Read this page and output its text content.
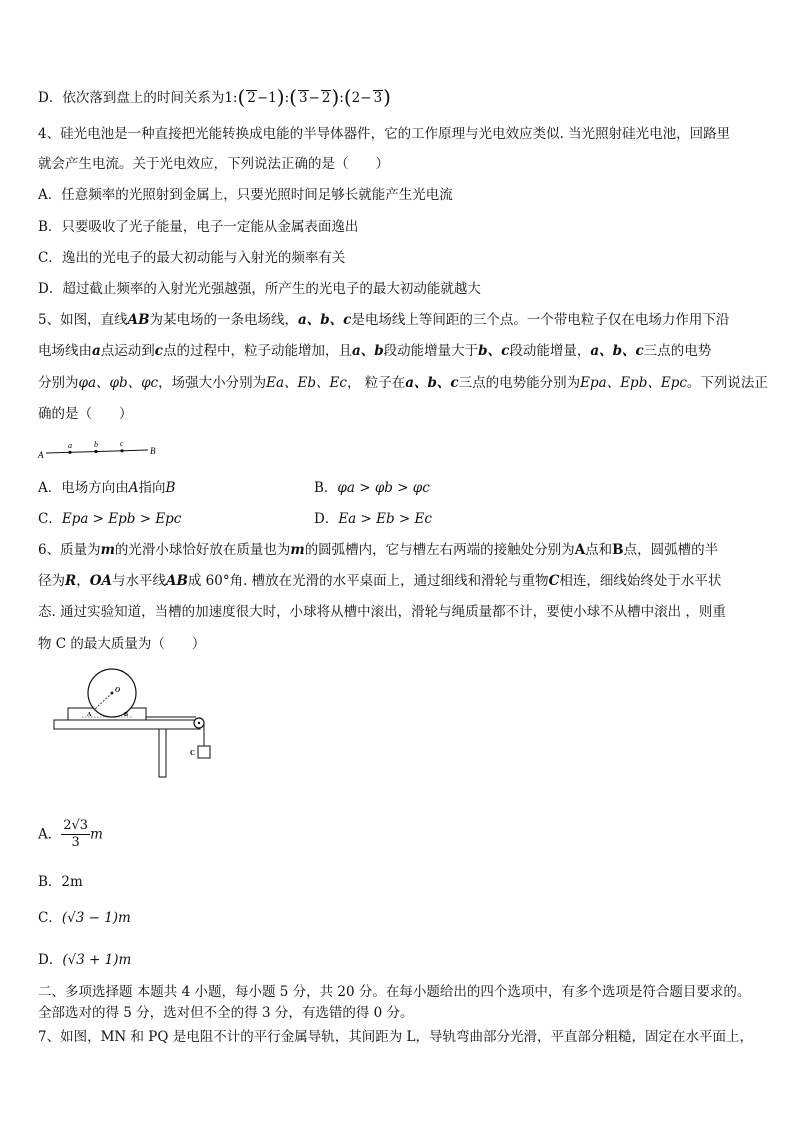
D．依次落到盘上的时间关系为1:( 2−1):( 3− 2):(2− 3)
4、硅光电池是一种直接把光能转换成电能的半导体器件，它的工作原理与光电效应类似. 当光照射硅光电池，回路里
就会产生电流。关于光电效应，下列说法正确的是（　　）
A．任意频率的光照射到金属上，只要光照时间足够长就能产生光电流
B．只要吸收了光子能量，电子一定能从金属表面逸出
C．逸出的光电子的最大初动能与入射光的频率有关
D．超过截止频率的入射光光强越强，所产生的光电子的最大初动能就越大
5、如图，直线AB为某电场的一条电场线，a、b、c是电场线上等间距的三个点。一个带电粒子仅在电场力作用下沿
电场线由a点运动到c点的过程中，粒子动能增加，且a、b段动能增量大于b、c段动能增量，a、b、c三点的电势
分别为φa、φb、φc，场强大小分别为Ea、Eb、Ec， 粒子在a、b、c三点的电势能分别为Epa、Epb、Epc。下列说法正
确的是（　　）
A	B
a	b	c
A．电场方向由A指向B	B．φa > φb > φc
C．Epa > Epb > Epc	D．Ea > Eb > Ec
6、质量为m的光滑小球恰好放在质量也为m的圆弧槽内，它与槽左右两端的接触处分别为A点和B点，圆弧槽的半
径为R，OA与水平线AB成 60°角. 槽放在光滑的水平桌面上，通过细线和滑轮与重物C相连，细线始终处于水平状
态. 通过实验知道，当槽的加速度很大时，小球将从槽中滚出，滑轮与绳质量都不计，要使小球不从槽中滚出 ，则重
物 C 的最大质量为（　　）
O
A	B
C
A． $\frac{2√3}{3}$ m
B．2m
C．(√3 − 1)m
D．(√3 + 1)m
二、多项选择题 本题共 4 小题，每小题 5 分，共 20 分。在每小题给出的四个选项中，有多个选项是符合题目要求的。
全部选对的得 5 分，选对但不全的得 3 分，有选错的得 0 分。
7、如图，MN 和 PQ 是电阻不计的平行金属导轨，其间距为 L，导轨弯曲部分光滑，平直部分粗糙，固定在水平面上，
